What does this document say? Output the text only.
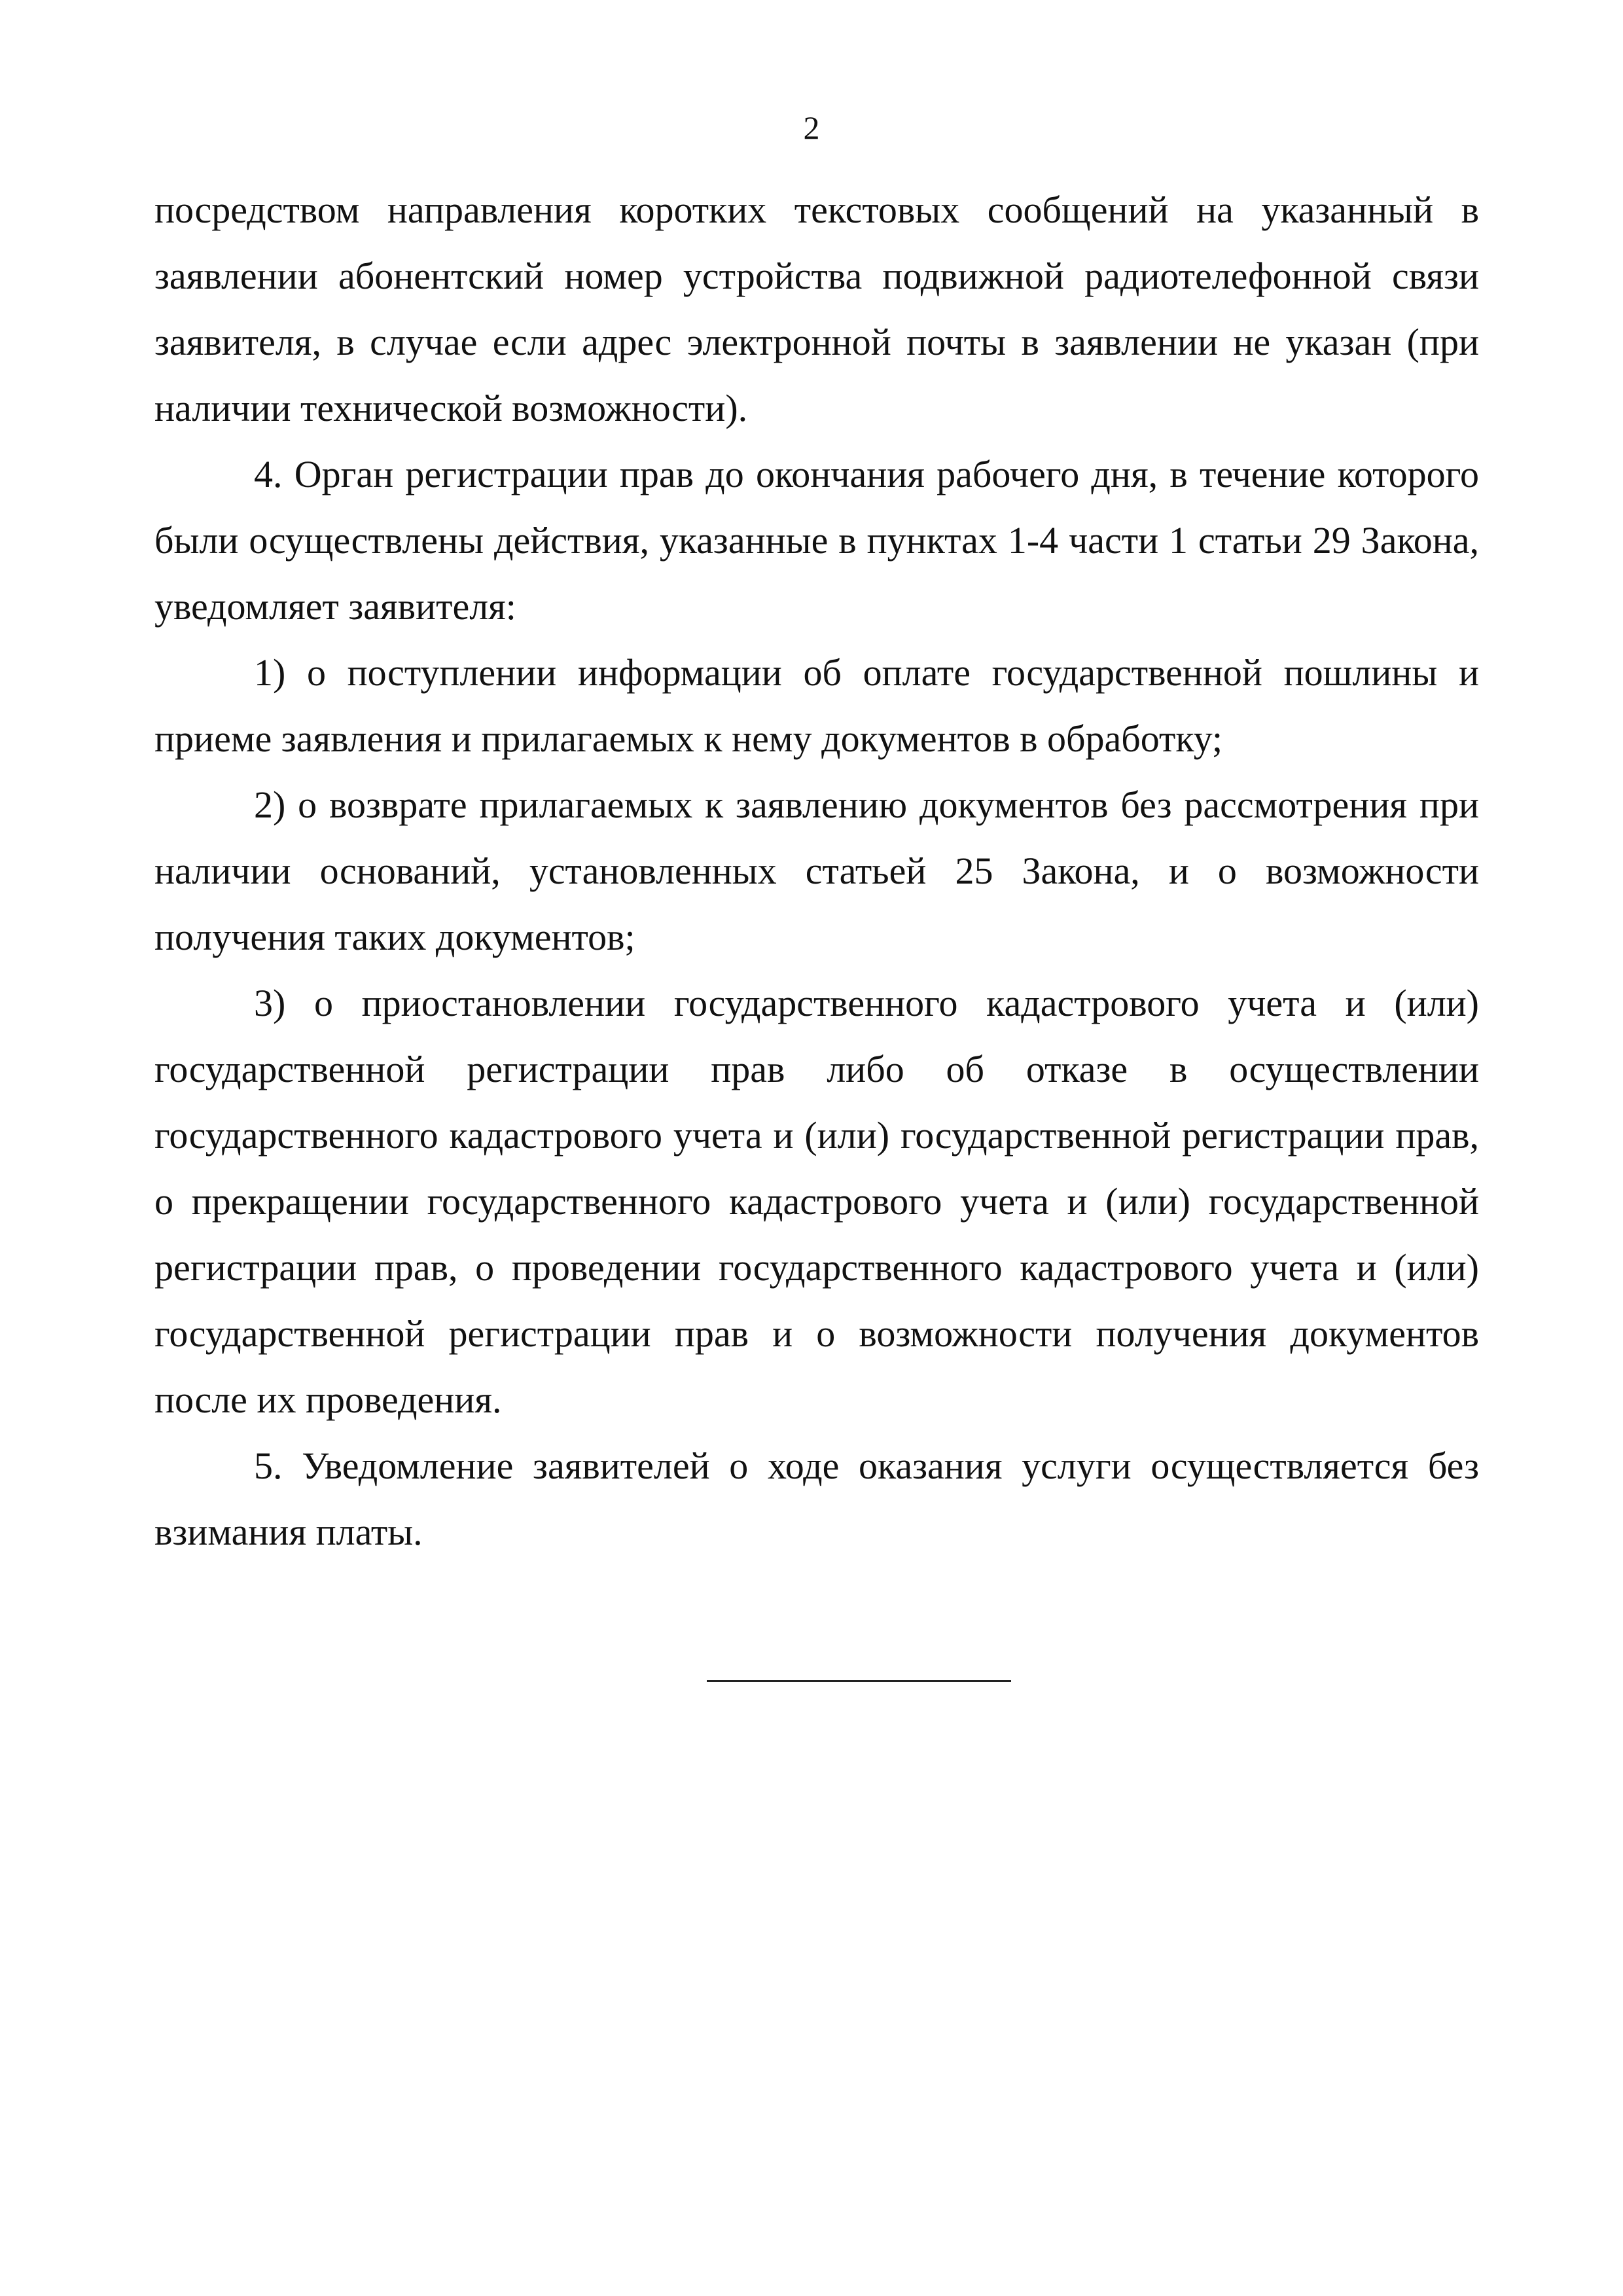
2

посредством направления коротких текстовых сообщений на указанный в заявлении абонентский номер устройства подвижной радиотелефонной связи заявителя, в случае если адрес электронной почты в заявлении не указан (при наличии технической возможности).

4. Орган регистрации прав до окончания рабочего дня, в течение которого были осуществлены действия, указанные в пунктах 1-4 части 1 статьи 29 Закона, уведомляет заявителя:

1) о поступлении информации об оплате государственной пошлины и приеме заявления и прилагаемых к нему документов в обработку;

2) о возврате прилагаемых к заявлению документов без рассмотрения при наличии оснований, установленных статьей 25 Закона, и о возможности получения таких документов;

3) о приостановлении государственного кадастрового учета и (или) государственной регистрации прав либо об отказе в осуществлении государственного кадастрового учета и (или) государственной регистрации прав, о прекращении государственного кадастрового учета и (или) государственной регистрации прав, о проведении государственного кадастрового учета и (или) государственной регистрации прав и о возможности получения документов после их проведения.

5. Уведомление заявителей о ходе оказания услуги осуществляется без взимания платы.
